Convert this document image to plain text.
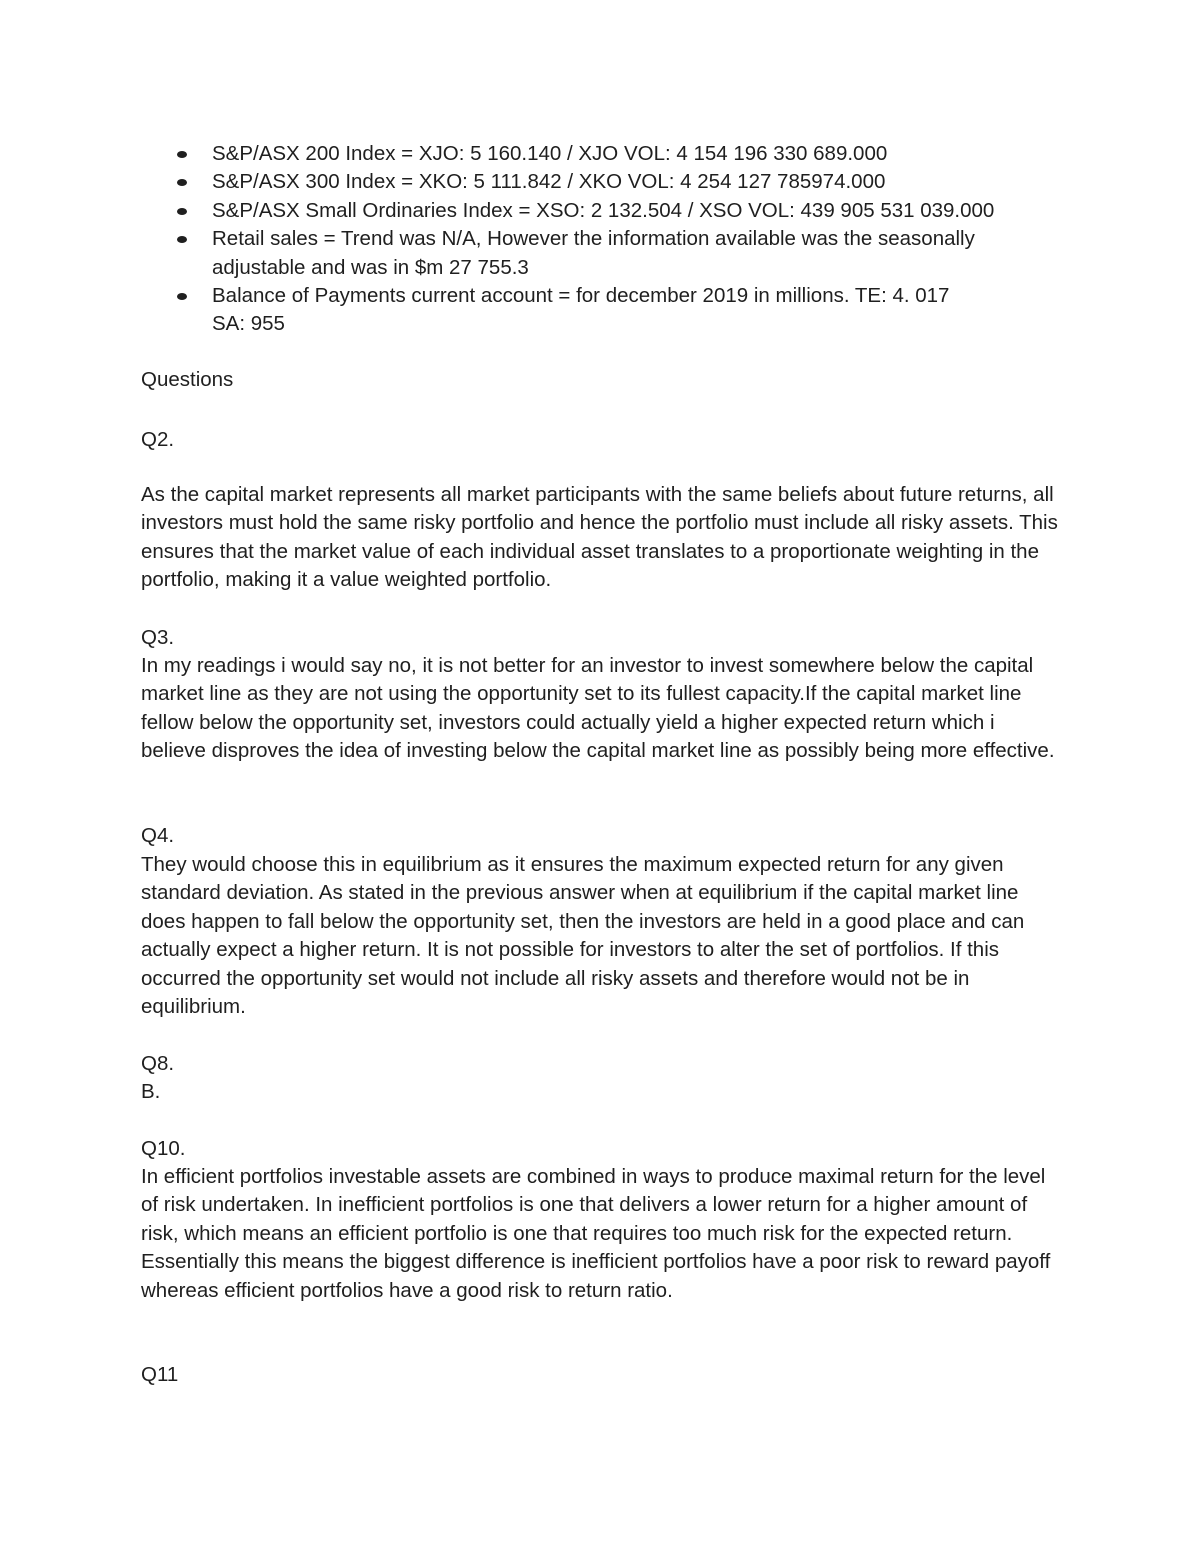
S&P/ASX 200 Index = XJO: 5 160.140 / XJO VOL: 4 154 196 330 689.000
S&P/ASX 300 Index = XKO: 5 111.842 / XKO VOL: 4 254 127 785974.000
S&P/ASX Small Ordinaries Index = XSO: 2 132.504 / XSO VOL: 439 905 531 039.000
Retail sales = Trend was N/A, However the information available was the seasonally adjustable and was in $m 27 755.3
Balance of Payments current account = for december 2019 in millions. TE: 4. 017
SA: 955

Questions

Q2.

As the capital market represents all market participants with the same beliefs about future returns, all investors must hold the same risky portfolio and hence the portfolio must include all risky assets. This ensures that the market value of each individual asset translates to a proportionate weighting in the portfolio, making it a value weighted portfolio.

Q3.

In my readings i would say no, it is not better for an investor to invest somewhere below the capital market line as they are not using the opportunity set to its fullest capacity.If the capital market line fellow below the opportunity set, investors could actually yield a higher expected return which i believe disproves the idea of investing below the capital market line as possibly being more effective.

Q4.

They would choose this in equilibrium as it ensures the maximum expected return for any given standard deviation. As stated in the previous answer when at equilibrium if the capital market line does happen to fall below the opportunity set, then the investors are held in a good place and can actually expect a higher return. It is not possible for investors to alter the set of portfolios. If this occurred the opportunity set would not include all risky assets and therefore would not be in equilibrium.

Q8.

B.

Q10.

In efficient portfolios investable assets are combined in ways to produce maximal return for the level of risk undertaken. In inefficient portfolios is one that delivers a lower return for a higher amount of risk, which means an efficient portfolio is one that requires too much risk for the expected return. Essentially this means the biggest difference is inefficient portfolios have a poor risk to reward payoff whereas efficient portfolios have a good risk to return ratio.

Q11
